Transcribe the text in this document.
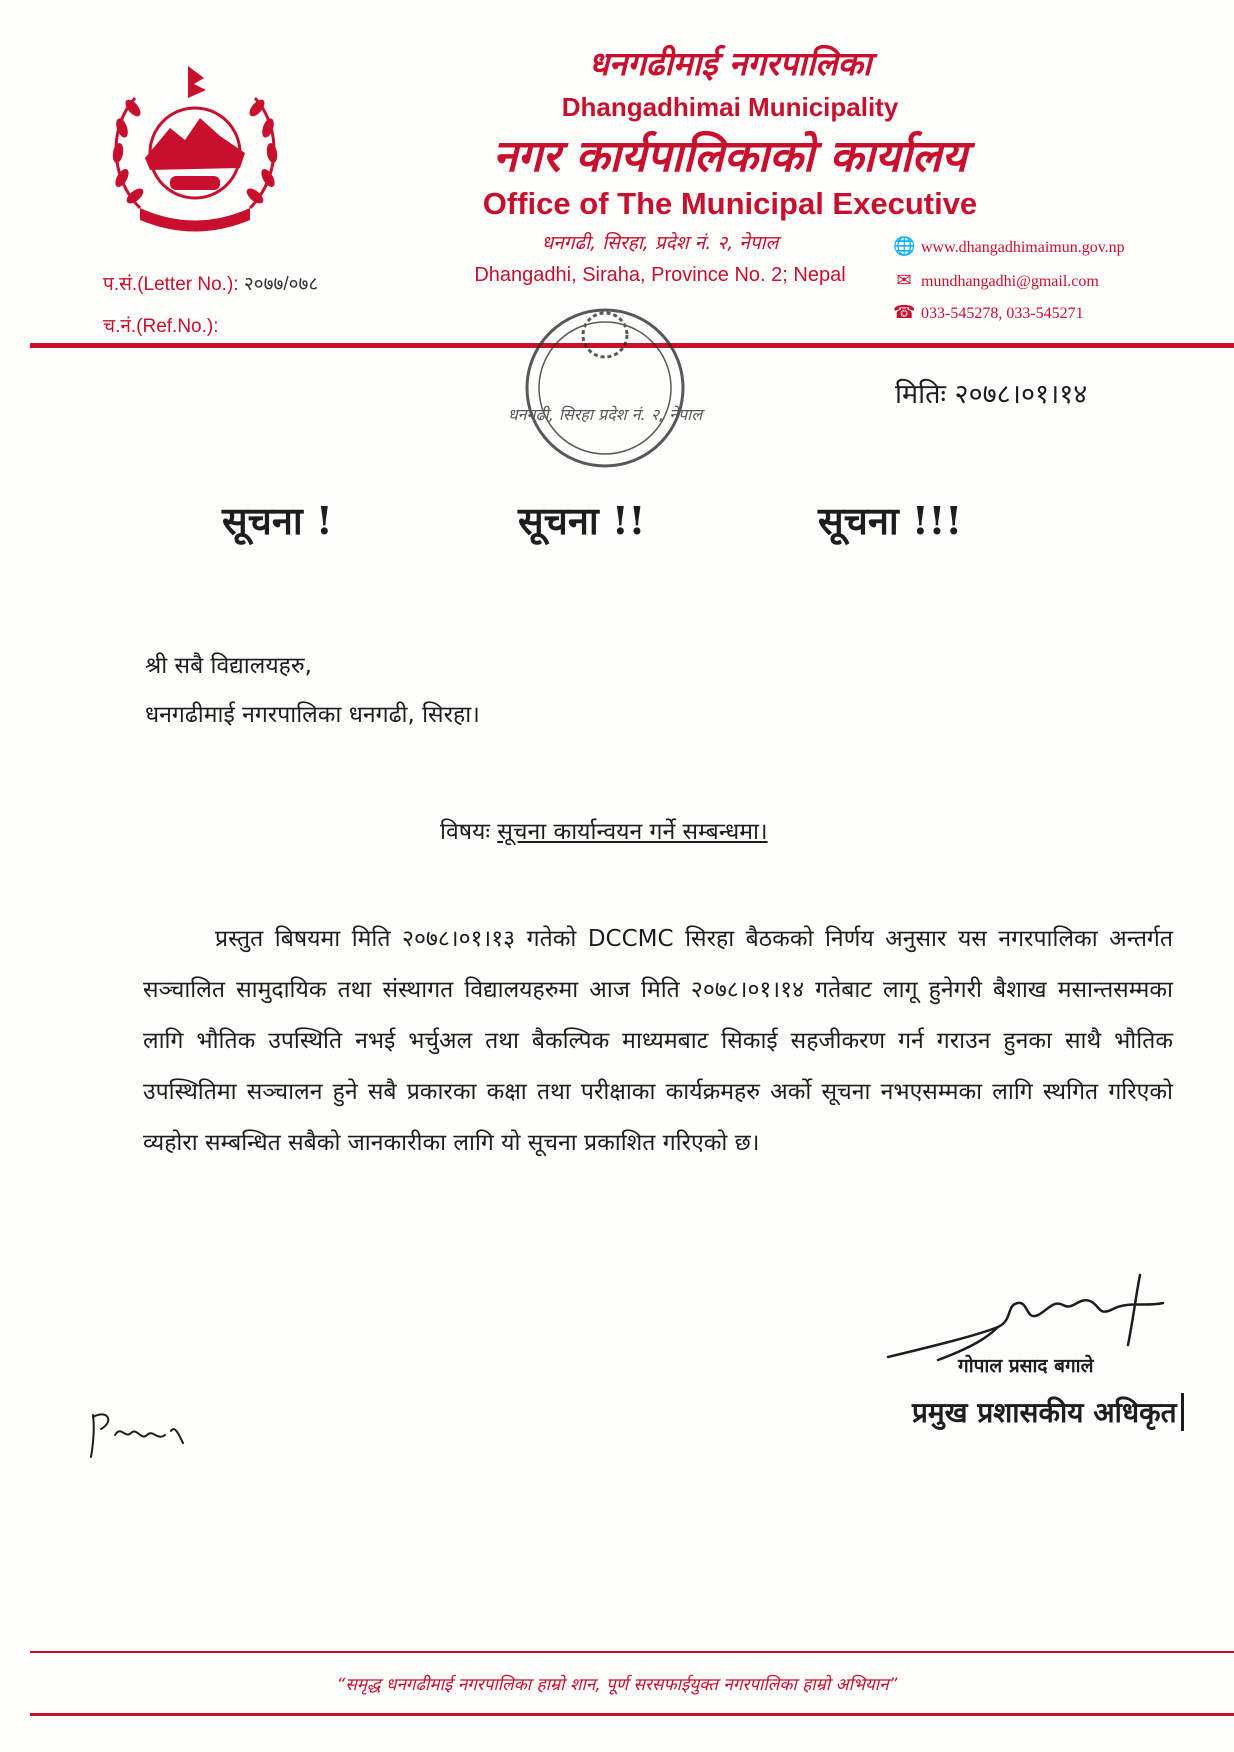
धनगढीमाई नगरपालिका
Dhangadhimai Municipality
नगर कार्यपालिकाको कार्यालय
Office of The Municipal Executive
धनगढी, सिरहा, प्रदेश नं. २, नेपाल
Dhangadhi, Siraha, Province No. 2; Nepal
🌐 www.dhangadhimaimun.gov.np
✉ mundhangadhi@gmail.com
☎ 033-545278, 033-545271
प.सं.(Letter No.): २०७७/०७८
च.नं.(Ref.No.):
धनगढी, सिरहा प्रदेश नं. २, नेपाल
मितिः २०७८।०१।१४
सूचना !	सूचना !!	सूचना !!!
श्री सबै विद्यालयहरु,
धनगढीमाई नगरपालिका धनगढी, सिरहा।
विषयः सूचना कार्यान्वयन गर्ने सम्बन्धमा।
प्रस्तुत बिषयमा मिति २०७८।०१।१३ गतेको DCCMC सिरहा बैठकको निर्णय अनुसार यस नगरपालिका अन्तर्गत सञ्चालित सामुदायिक तथा संस्थागत विद्यालयहरुमा आज मिति २०७८।०१।१४ गतेबाट लागू हुनेगरी बैशाख मसान्तसम्मका लागि भौतिक उपस्थिति नभई भर्चुअल तथा बैकल्पिक माध्यमबाट सिकाई सहजीकरण गर्न गराउन हुनका साथै भौतिक उपस्थितिमा सञ्चालन हुने सबै प्रकारका कक्षा तथा परीक्षाका कार्यक्रमहरु अर्को सूचना नभएसम्मका लागि स्थगित गरिएको व्यहोरा सम्बन्धित सबैको जानकारीका लागि यो सूचना प्रकाशित गरिएको छ।
गोपाल प्रसाद बगाले
प्रमुख प्रशासकीय अधिकृत
“समृद्ध धनगढीमाई नगरपालिका हाम्रो शान, पूर्ण सरसफाईयुक्त नगरपालिका हाम्रो अभियान”
